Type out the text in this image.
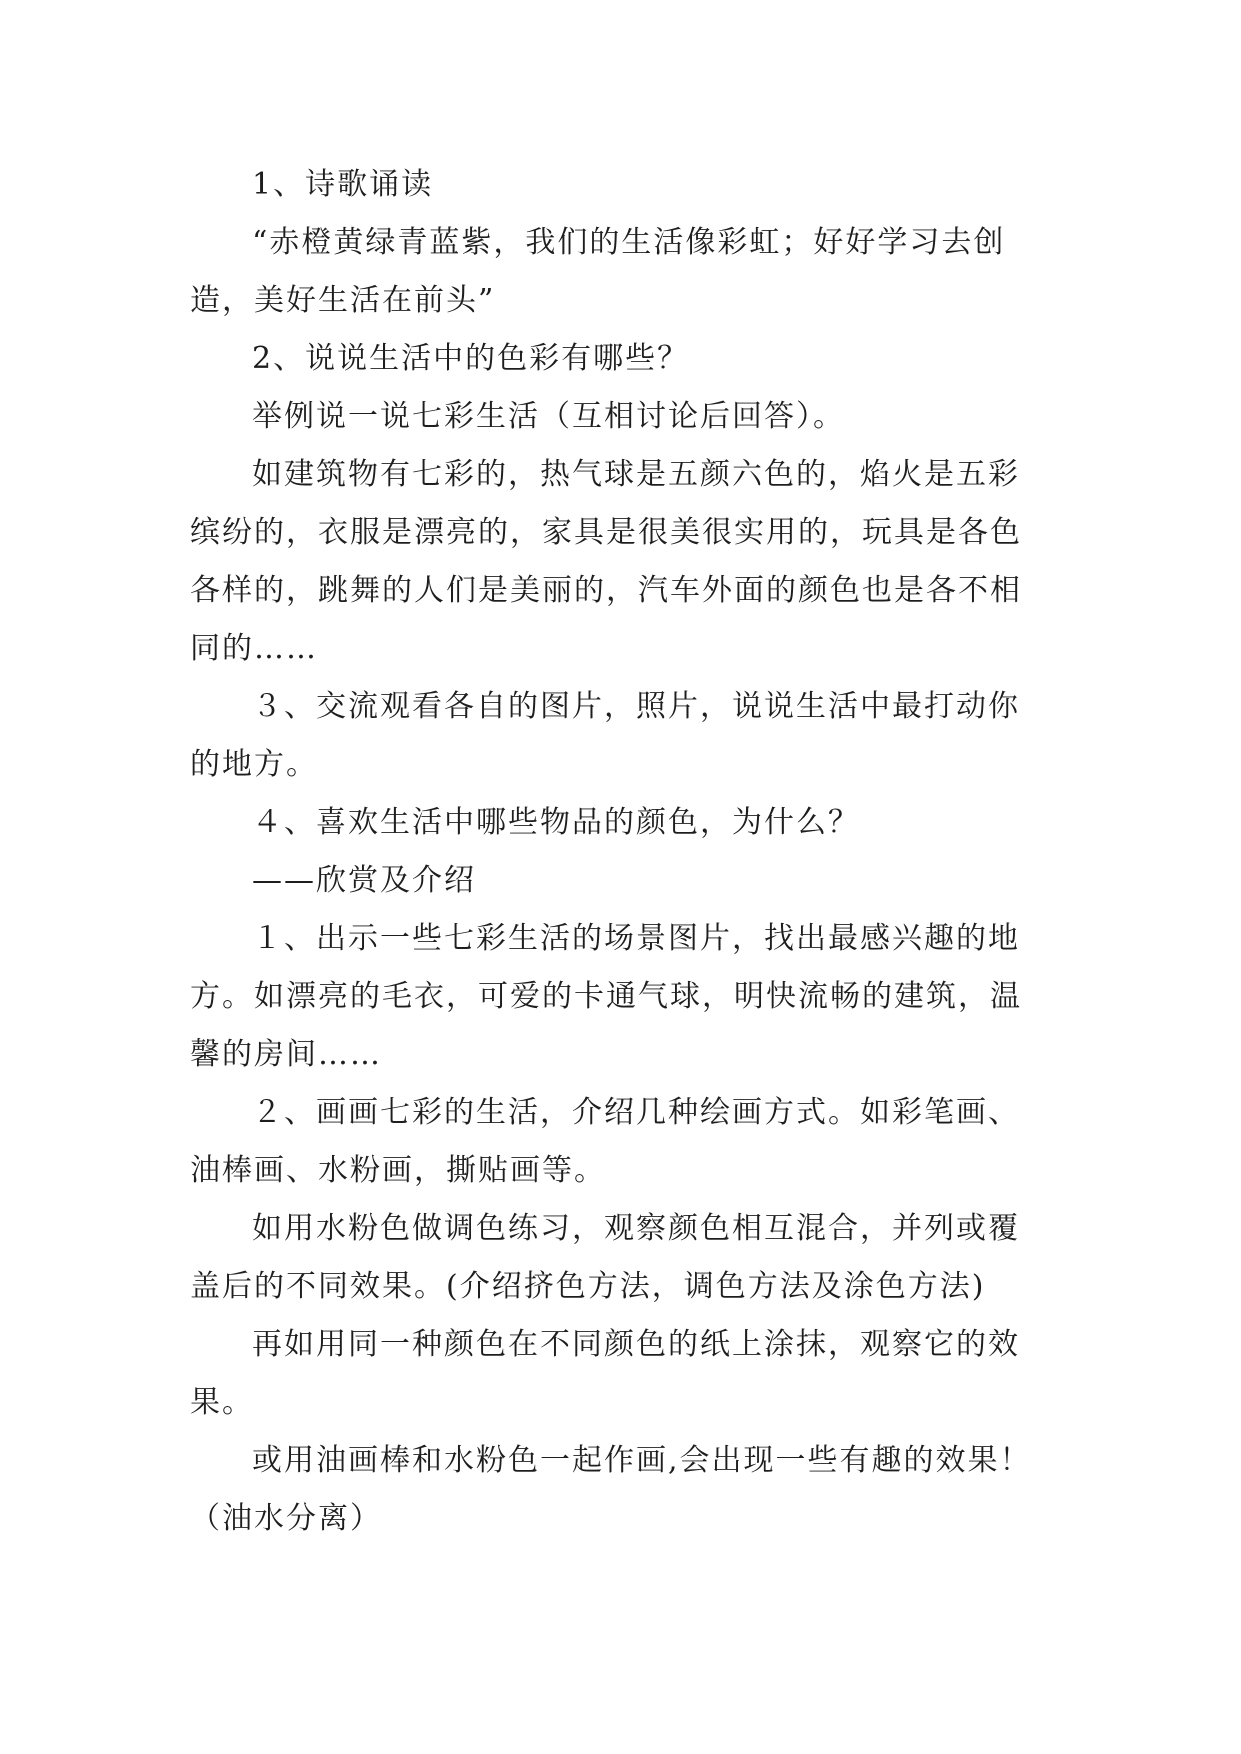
1、诗歌诵读
“赤橙黄绿青蓝紫，我们的生活像彩虹；好好学习去创
造，美好生活在前头”
2、说说生活中的色彩有哪些？
举例说一说七彩生活（互相讨论后回答）。
如建筑物有七彩的，热气球是五颜六色的，焰火是五彩
缤纷的，衣服是漂亮的，家具是很美很实用的，玩具是各色
各样的，跳舞的人们是美丽的，汽车外面的颜色也是各不相
同的……
３、交流观看各自的图片，照片，说说生活中最打动你
的地方。
４、喜欢生活中哪些物品的颜色，为什么？
——欣赏及介绍
１、出示一些七彩生活的场景图片，找出最感兴趣的地
方。如漂亮的毛衣，可爱的卡通气球，明快流畅的建筑，温
馨的房间……
２、画画七彩的生活，介绍几种绘画方式。如彩笔画、
油棒画、水粉画，撕贴画等。
如用水粉色做调色练习，观察颜色相互混合，并列或覆
盖后的不同效果。(介绍挤色方法，调色方法及涂色方法)
再如用同一种颜色在不同颜色的纸上涂抹，观察它的效
果。
或用油画棒和水粉色一起作画,会出现一些有趣的效果！
（油水分离）
